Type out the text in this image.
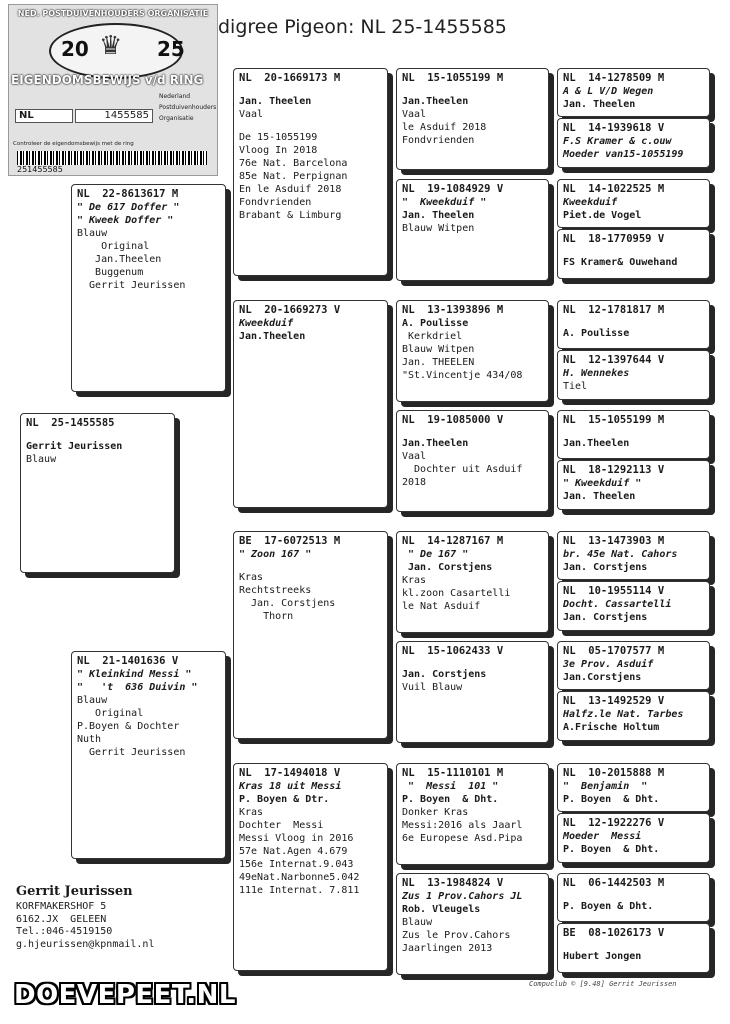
NED. POSTDUIVENHOUDERS ORGANISATIE
20 ♛ 25
EIGENDOMSBEWIJS v/d RING
Nederland
Postduivenhouders
Organisatie
NL	1455585
Controleer de eigendomsbewijs met de ring
251455585
digree Pigeon: NL 25-1455585
NL  25-1455585
Gerrit Jeurissen
Blauw
NL  22-8613617 M
" De 617 Doffer "
" Kweek Doffer "
Blauw
Original
Jan.Theelen
Buggenum
Gerrit Jeurissen
NL  21-1401636 V
" Kleinkind Messi "
"   't  636 Duivin "
Blauw
Original
P.Boyen & Dochter
Nuth
Gerrit Jeurissen
NL  20-1669173 M
Jan. Theelen
Vaal
De 15-1055199
Vloog In 2018
76e Nat. Barcelona
85e Nat. Perpignan
En le Asduif 2018
Fondvrienden
Brabant & Limburg
NL  20-1669273 V
Kweekduif
Jan.Theelen
BE  17-6072513 M
" Zoon 167 "
Kras
Rechtstreeks
Jan. Corstjens
Thorn
NL  17-1494018 V
Kras 18 uit Messi
P. Boyen & Dtr.
Kras
Dochter  Messi
Messi Vloog in 2016
57e Nat.Agen 4.679
156e Internat.9.043
49eNat.Narbonne5.042
111e Internat. 7.811
NL  15-1055199 M
Jan.Theelen
Vaal
le Asduif 2018
Fondvrienden
NL  19-1084929 V
"  Kweekduif "
Jan. Theelen
Blauw Witpen
NL  13-1393896 M
A. Poulisse
Kerkdriel
Blauw Witpen
Jan. THEELEN
"St.Vincentje 434/08
NL  19-1085000 V
Jan.Theelen
Vaal
Dochter uit Asduif
2018
NL  14-1287167 M
" De 167 "
Jan. Corstjens
Kras
kl.zoon Casartelli
le Nat Asduif
NL  15-1062433 V
Jan. Corstjens
Vuil Blauw
NL  15-1110101 M
"  Messi  101 "
P. Boyen  & Dht.
Donker Kras
Messi:2016 als Jaarl
6e Europese Asd.Pipa
NL  13-1984824 V
Zus 1 Prov.Cahors JL
Rob. Vleugels
Blauw
Zus le Prov.Cahors
Jaarlingen 2013
NL  14-1278509 M
A & L V/D Wegen
Jan. Theelen
NL  14-1939618 V
F.S Kramer & c.ouw
Moeder van15-1055199
NL  14-1022525 M
Kweekduif
Piet.de Vogel
NL  18-1770959 V
FS Kramer& Ouwehand
NL  12-1781817 M
A. Poulisse
NL  12-1397644 V
H. Wennekes
Tiel
NL  15-1055199 M
Jan.Theelen
NL  18-1292113 V
" Kweekduif "
Jan. Theelen
NL  13-1473903 M
br. 45e Nat. Cahors
Jan. Corstjens
NL  10-1955114 V
Docht. Cassartelli
Jan. Corstjens
NL  05-1707577 M
3e Prov. Asduif
Jan.Corstjens
NL  13-1492529 V
Halfz.le Nat. Tarbes
A.Frische Holtum
NL  10-2015888 M
"  Benjamin  "
P. Boyen  & Dht.
NL  12-1922276 V
Moeder  Messi
P. Boyen  & Dht.
NL  06-1442503 M
P. Boyen & Dht.
BE  08-1026173 V
Hubert Jongen
Gerrit Jeurissen
KORFMAKERSHOF 5
6162.JX  GELEEN
Tel.:046-4519150
g.hjeurissen@kpnmail.nl
Compuclub © [9.48] Gerrit Jeurissen
DOEVEPEET.NL
